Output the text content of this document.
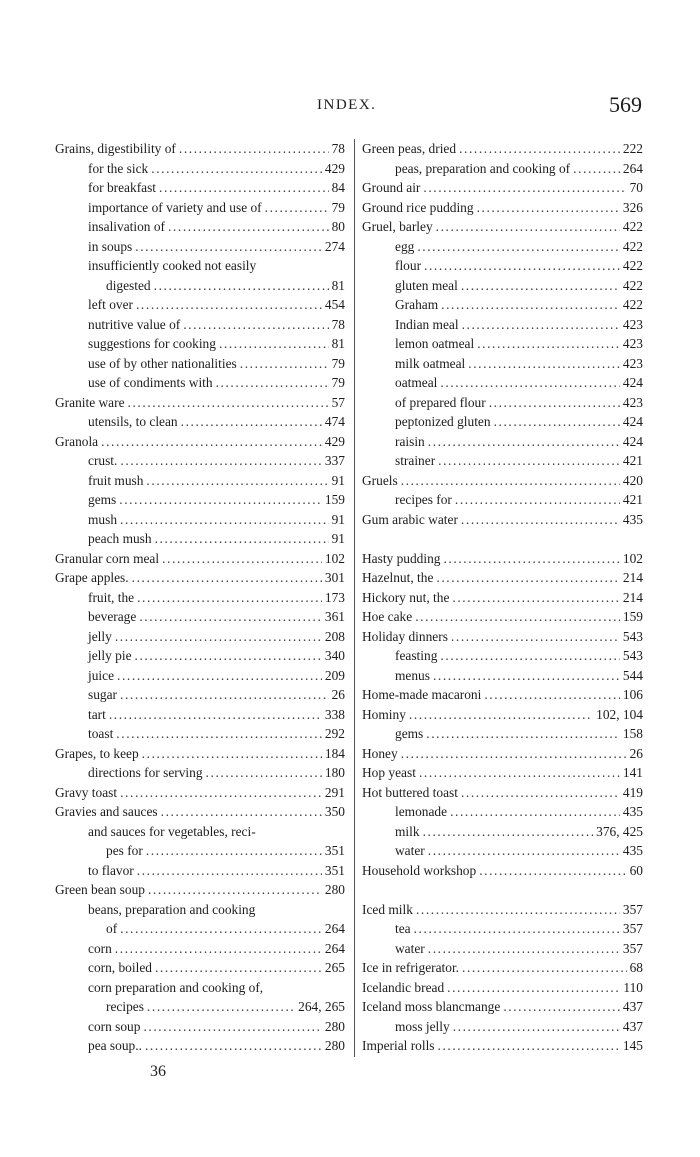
INDEX.	569
Grains, digestibility of .....	78
for the sick .....	429
for breakfast .....	84
importance of variety and use of .....	79
insalivation of .....	80
in soups .....	274
insufficiently cooked not easily
digested .....	81
left over .....	454
nutritive value of .....	78
suggestions for cooking .....	81
use of by other nationalities .....	79
use of condiments with .....	79
Granite ware .....	57
utensils, to clean .....	474
Granola .....	429
crust. .....	337
fruit mush .....	91
gems .....	159
mush .....	91
peach mush .....	91
Granular corn meal .....	102
Grape apples. .....	301
fruit, the .....	173
beverage .....	361
jelly .....	208
jelly pie .....	340
juice .....	209
sugar .....	26
tart .....	338
toast .....	292
Grapes, to keep .....	184
directions for serving .....	180
Gravy toast .....	291
Gravies and sauces .....	350
and sauces for vegetables, reci-
pes for .....	351
to flavor .....	351
Green bean soup .....	280
beans, preparation and cooking
of .....	264
corn .....	264
corn, boiled .....	265
corn preparation and cooking of,
recipes .....	264, 265
corn soup .....	280
pea soup.. .....	280
Green peas, dried .....	222
peas, preparation and cooking of .....	264
Ground air .....	70
Ground rice pudding .....	326
Gruel, barley .....	422
egg .....	422
flour .....	422
gluten meal .....	422
Graham .....	422
Indian meal .....	423
lemon oatmeal .....	423
milk oatmeal .....	423
oatmeal .....	424
of prepared flour .....	423
peptonized gluten .....	424
raisin .....	424
strainer .....	421
Gruels .....	420
recipes for .....	421
Gum arabic water .....	435
Hasty pudding .....	102
Hazelnut, the .....	214
Hickory nut, the .....	214
Hoe cake .....	159
Holiday dinners .....	543
feasting .....	543
menus .....	544
Home-made macaroni .....	106
Hominy .....	102, 104
gems .....	158
Honey .....	26
Hop yeast .....	141
Hot buttered toast .....	419
lemonade .....	435
milk .....	376, 425
water .....	435
Household workshop .....	60
Iced milk .....	357
tea .....	357
water .....	357
Ice in refrigerator. .....	68
Icelandic bread .....	110
Iceland moss blancmange .....	437
moss jelly .....	437
Imperial rolls .....	145
36
